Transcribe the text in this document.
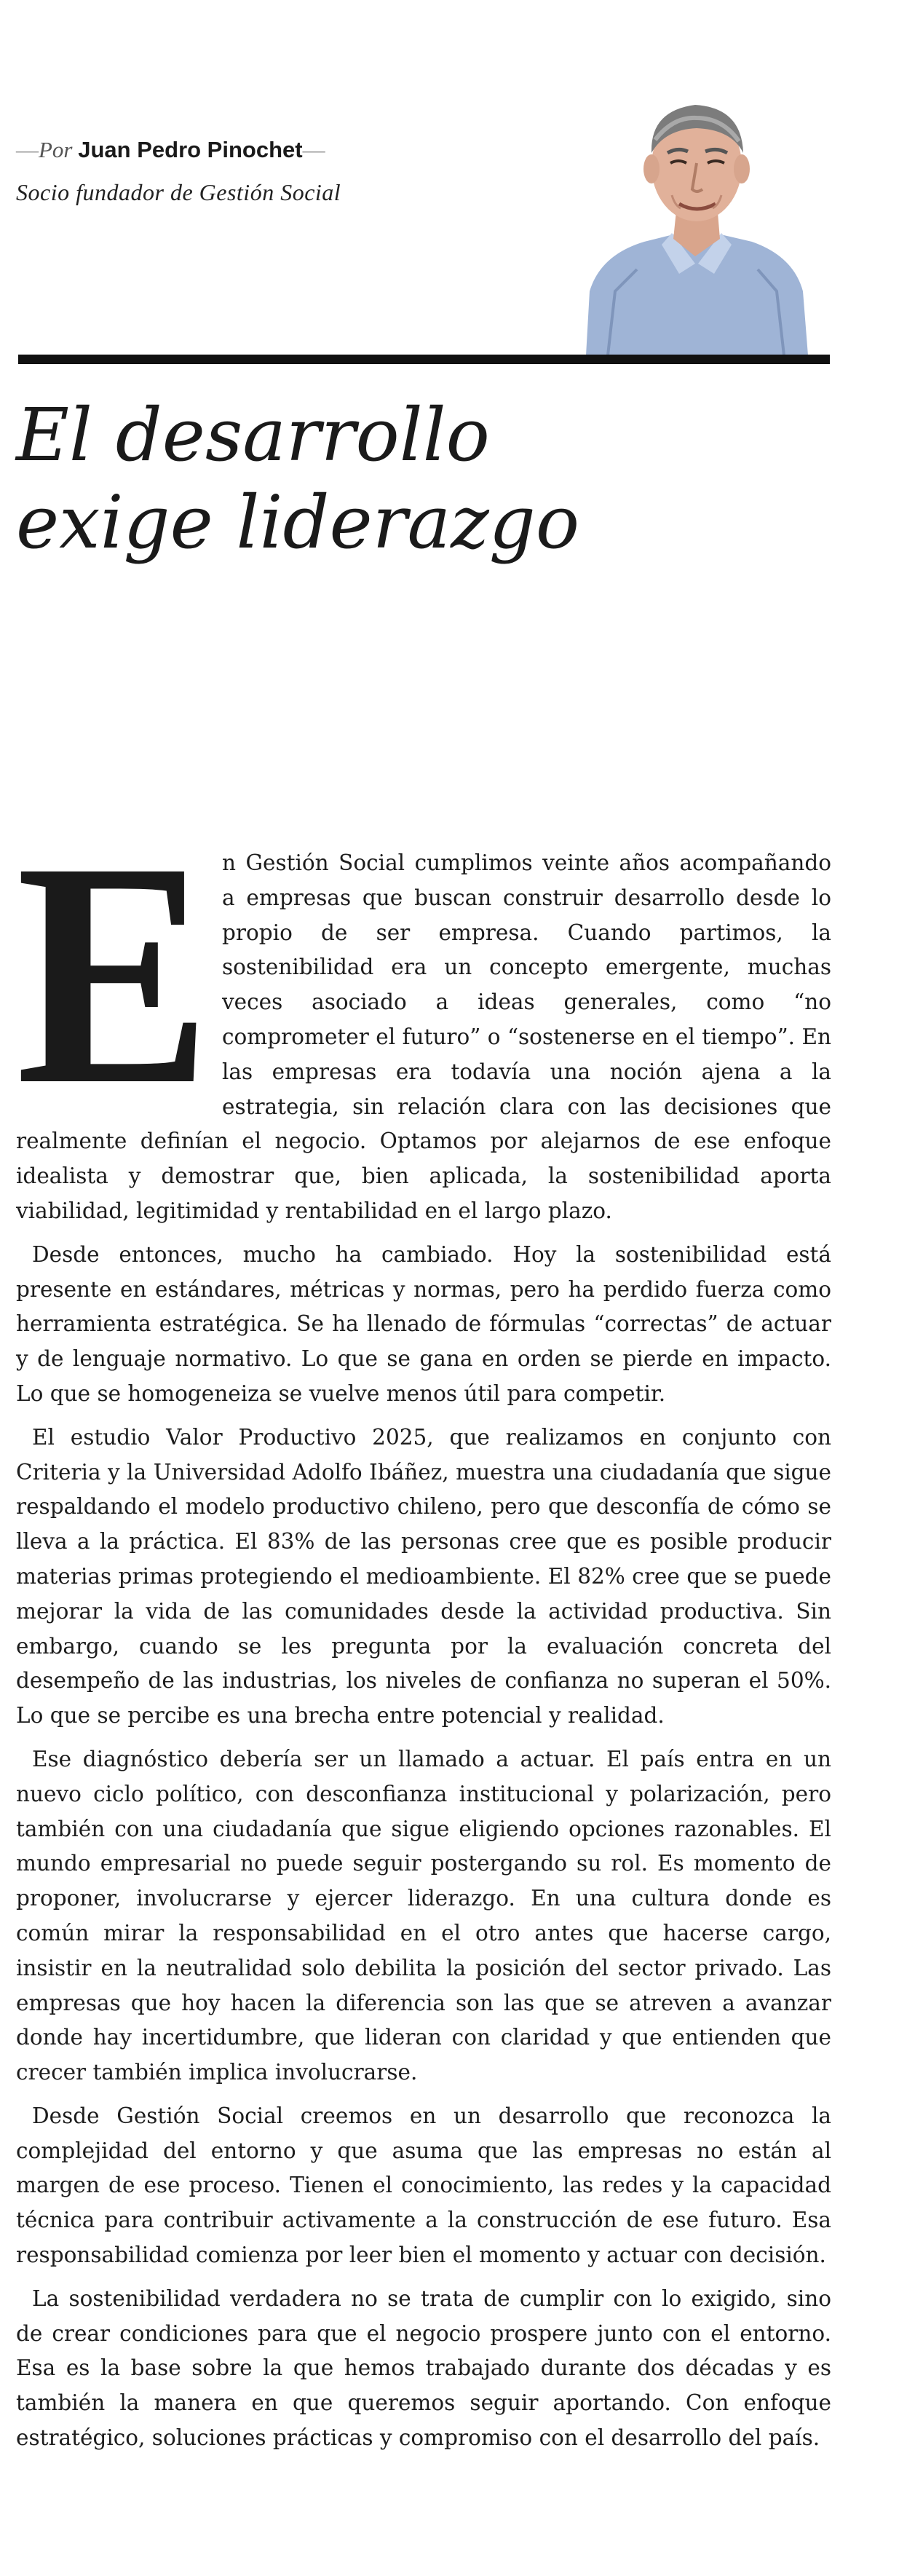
—Por Juan Pedro Pinochet—
Socio fundador de Gestión Social
El desarrollo
exige liderazgo
E n Gestión Social cumplimos veinte años acompañando a empresas que buscan construir desarrollo desde lo propio de ser empresa. Cuando partimos, la sostenibilidad era un concepto emergente, muchas veces asociado a ideas generales, como “no comprometer el futuro” o “sostenerse en el tiempo”. En las empresas era todavía una noción ajena a la estrategia, sin relación clara con las decisiones que realmente definían el negocio. Optamos por alejarnos de ese enfoque idealista y demostrar que, bien aplicada, la sostenibilidad aporta viabilidad, legitimidad y rentabilidad en el largo plazo.

Desde entonces, mucho ha cambiado. Hoy la sostenibilidad está presente en estándares, métricas y normas, pero ha perdido fuerza como herramienta estratégica. Se ha llenado de fórmulas “correctas” de actuar y de lenguaje normativo. Lo que se gana en orden se pierde en impacto. Lo que se homogeneiza se vuelve menos útil para competir.

El estudio Valor Productivo 2025, que realizamos en conjunto con Criteria y la Universidad Adolfo Ibáñez, muestra una ciudadanía que sigue respaldando el modelo productivo chileno, pero que desconfía de cómo se lleva a la práctica. El 83% de las personas cree que es posible producir materias primas protegiendo el medioambiente. El 82% cree que se puede mejorar la vida de las comunidades desde la actividad productiva. Sin embargo, cuando se les pregunta por la evaluación concreta del desempeño de las industrias, los niveles de confianza no superan el 50%. Lo que se percibe es una brecha entre potencial y realidad.

Ese diagnóstico debería ser un llamado a actuar. El país entra en un nuevo ciclo político, con desconfianza institucional y polarización, pero también con una ciudadanía que sigue eligiendo opciones razonables. El mundo empresarial no puede seguir postergando su rol. Es momento de proponer, involucrarse y ejercer liderazgo. En una cultura donde es común mirar la responsabilidad en el otro antes que hacerse cargo, insistir en la neutralidad solo debilita la posición del sector privado. Las empresas que hoy hacen la diferencia son las que se atreven a avanzar donde hay incertidumbre, que lideran con claridad y que entienden que crecer también implica involucrarse.

Desde Gestión Social creemos en un desarrollo que reconozca la complejidad del entorno y que asuma que las empresas no están al margen de ese proceso. Tienen el conocimiento, las redes y la capacidad técnica para contribuir activamente a la construcción de ese futuro. Esa responsabilidad comienza por leer bien el momento y actuar con decisión.

La sostenibilidad verdadera no se trata de cumplir con lo exigido, sino de crear condiciones para que el negocio prospere junto con el entorno. Esa es la base sobre la que hemos trabajado durante dos décadas y es también la manera en que queremos seguir aportando. Con enfoque estratégico, soluciones prácticas y compromiso con el desarrollo del país.
